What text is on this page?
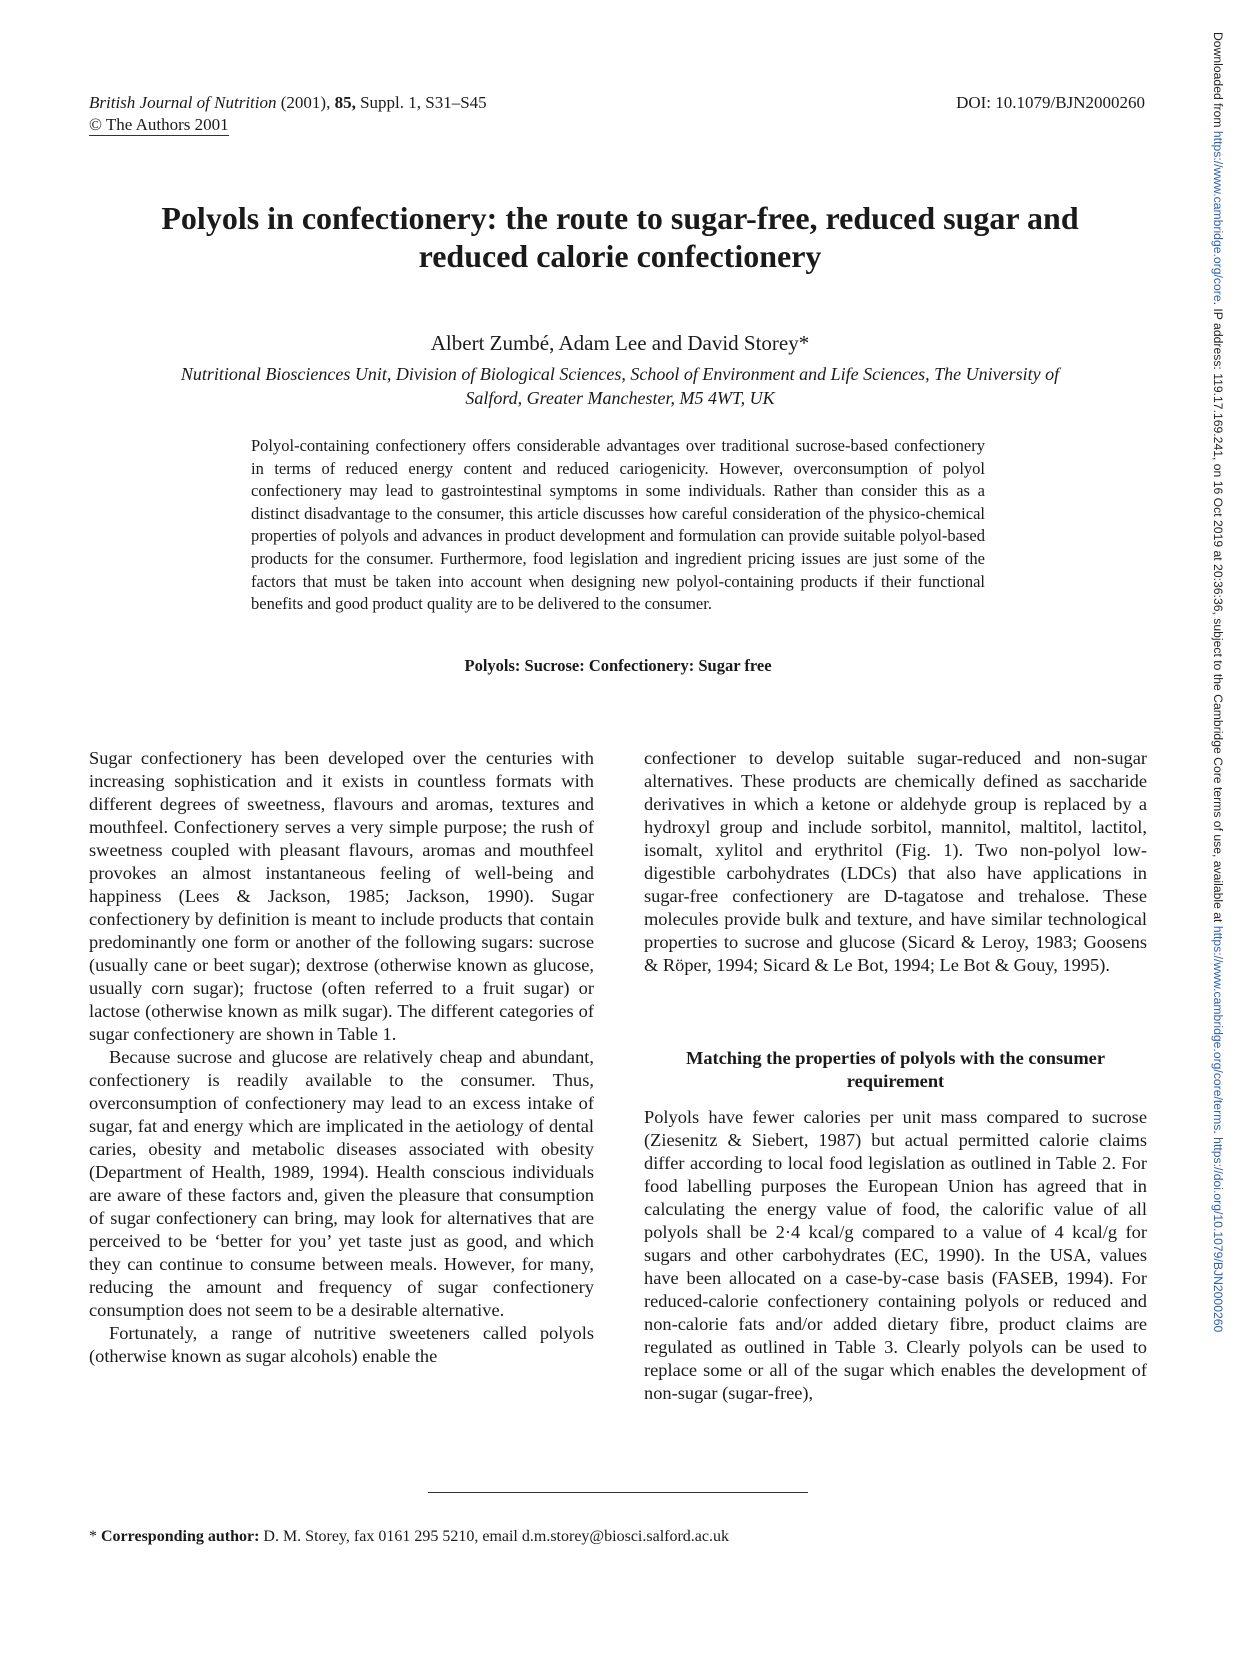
British Journal of Nutrition (2001), 85, Suppl. 1, S31–S45
© The Authors 2001
DOI: 10.1079/BJN2000260
Polyols in confectionery: the route to sugar-free, reduced sugar and
reduced calorie confectionery
Albert Zumbé, Adam Lee and David Storey*
Nutritional Biosciences Unit, Division of Biological Sciences, School of Environment and Life Sciences, The University of
Salford, Greater Manchester, M5 4WT, UK
Polyol-containing confectionery offers considerable advantages over traditional sucrose-based confectionery in terms of reduced energy content and reduced cariogenicity. However, overconsumption of polyol confectionery may lead to gastrointestinal symptoms in some individuals. Rather than consider this as a distinct disadvantage to the consumer, this article discusses how careful consideration of the physico-chemical properties of polyols and advances in product development and formulation can provide suitable polyol-based products for the consumer. Furthermore, food legislation and ingredient pricing issues are just some of the factors that must be taken into account when designing new polyol-containing products if their functional benefits and good product quality are to be delivered to the consumer.
Polyols: Sucrose: Confectionery: Sugar free

Sugar confectionery has been developed over the centuries with increasing sophistication and it exists in countless formats with different degrees of sweetness, flavours and aromas, textures and mouthfeel. Confectionery serves a very simple purpose; the rush of sweetness coupled with pleasant flavours, aromas and mouthfeel provokes an almost instantaneous feeling of well-being and happiness (Lees & Jackson, 1985; Jackson, 1990). Sugar confectionery by definition is meant to include products that contain predominantly one form or another of the following sugars: sucrose (usually cane or beet sugar); dextrose (otherwise known as glucose, usually corn sugar); fructose (often referred to a fruit sugar) or lactose (otherwise known as milk sugar). The different categories of sugar confectionery are shown in Table 1.

Because sucrose and glucose are relatively cheap and abundant, confectionery is readily available to the consumer. Thus, overconsumption of confectionery may lead to an excess intake of sugar, fat and energy which are implicated in the aetiology of dental caries, obesity and metabolic diseases associated with obesity (Department of Health, 1989, 1994). Health conscious individuals are aware of these factors and, given the pleasure that consumption of sugar confectionery can bring, may look for alternatives that are perceived to be ‘better for you’ yet taste just as good, and which they can continue to consume between meals. However, for many, reducing the amount and frequency of sugar confectionery consumption does not seem to be a desirable alternative.

Fortunately, a range of nutritive sweeteners called polyols (otherwise known as sugar alcohols) enable the

confectioner to develop suitable sugar-reduced and non-sugar alternatives. These products are chemically defined as saccharide derivatives in which a ketone or aldehyde group is replaced by a hydroxyl group and include sorbitol, mannitol, maltitol, lactitol, isomalt, xylitol and erythritol (Fig. 1). Two non-polyol low-digestible carbohydrates (LDCs) that also have applications in sugar-free confectionery are D-tagatose and trehalose. These molecules provide bulk and texture, and have similar technological properties to sucrose and glucose (Sicard & Leroy, 1983; Goosens & Röper, 1994; Sicard & Le Bot, 1994; Le Bot & Gouy, 1995).

Matching the properties of polyols with the consumer requirement

Polyols have fewer calories per unit mass compared to sucrose (Ziesenitz & Siebert, 1987) but actual permitted calorie claims differ according to local food legislation as outlined in Table 2. For food labelling purposes the European Union has agreed that in calculating the energy value of food, the calorific value of all polyols shall be 2·4 kcal/g compared to a value of 4 kcal/g for sugars and other carbohydrates (EC, 1990). In the USA, values have been allocated on a case-by-case basis (FASEB, 1994). For reduced-calorie confectionery containing polyols or reduced and non-calorie fats and/or added dietary fibre, product claims are regulated as outlined in Table 3. Clearly polyols can be used to replace some or all of the sugar which enables the development of non-sugar (sugar-free),

* Corresponding author: D. M. Storey, fax 0161 295 5210, email d.m.storey@biosci.salford.ac.uk
Downloaded from https://www.cambridge.org/core. IP address: 119.17.169.241, on 16 Oct 2019 at 20:36:36, subject to the Cambridge Core terms of use, available at https://www.cambridge.org/core/terms. https://doi.org/10.1079/BJN2000260
